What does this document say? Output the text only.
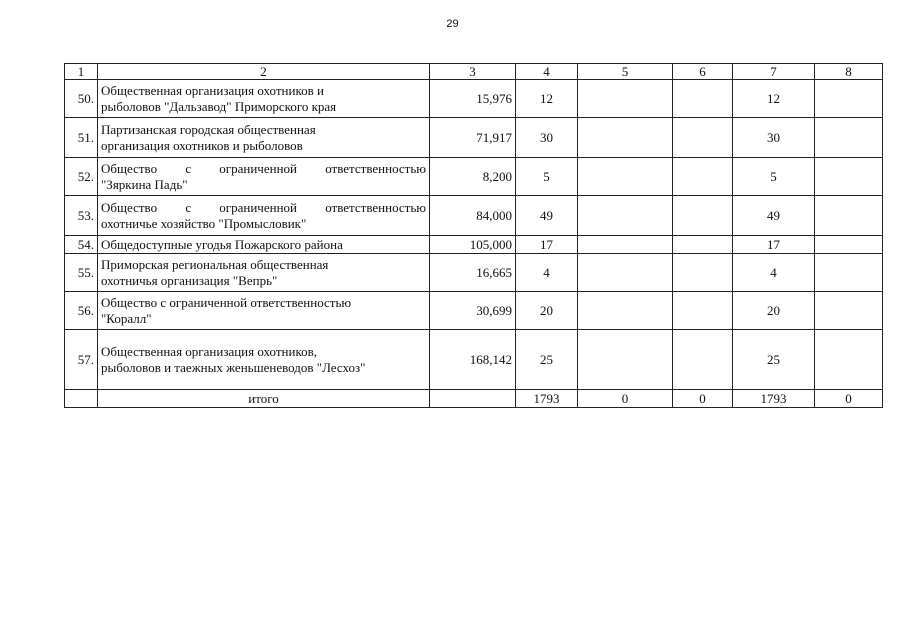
29
1	2	3	4	5	6	7	8
50.	Общественная организация охотников и
рыболовов "Дальзавод" Приморского края	15,976	12			12	
51.	Партизанская городская общественная
организация охотников и рыболовов	71,917	30			30	
52.	Общество с ограниченной ответственностью
"Зяркина Падь"	8,200	5			5	
53.	Общество с ограниченной ответственностью
охотничье хозяйство "Промысловик"	84,000	49			49	
54.	Общедоступные угодья Пожарского района	105,000	17			17	
55.	Приморская региональная общественная
охотничья организация "Вепрь"	16,665	4			4	
56.	Общество с ограниченной ответственностью
"Коралл"	30,699	20			20	
57.	Общественная организация охотников,
рыболовов и таежных женьшеневодов "Лесхоз"	168,142	25			25	
	итого		1793	0	0	1793	0
